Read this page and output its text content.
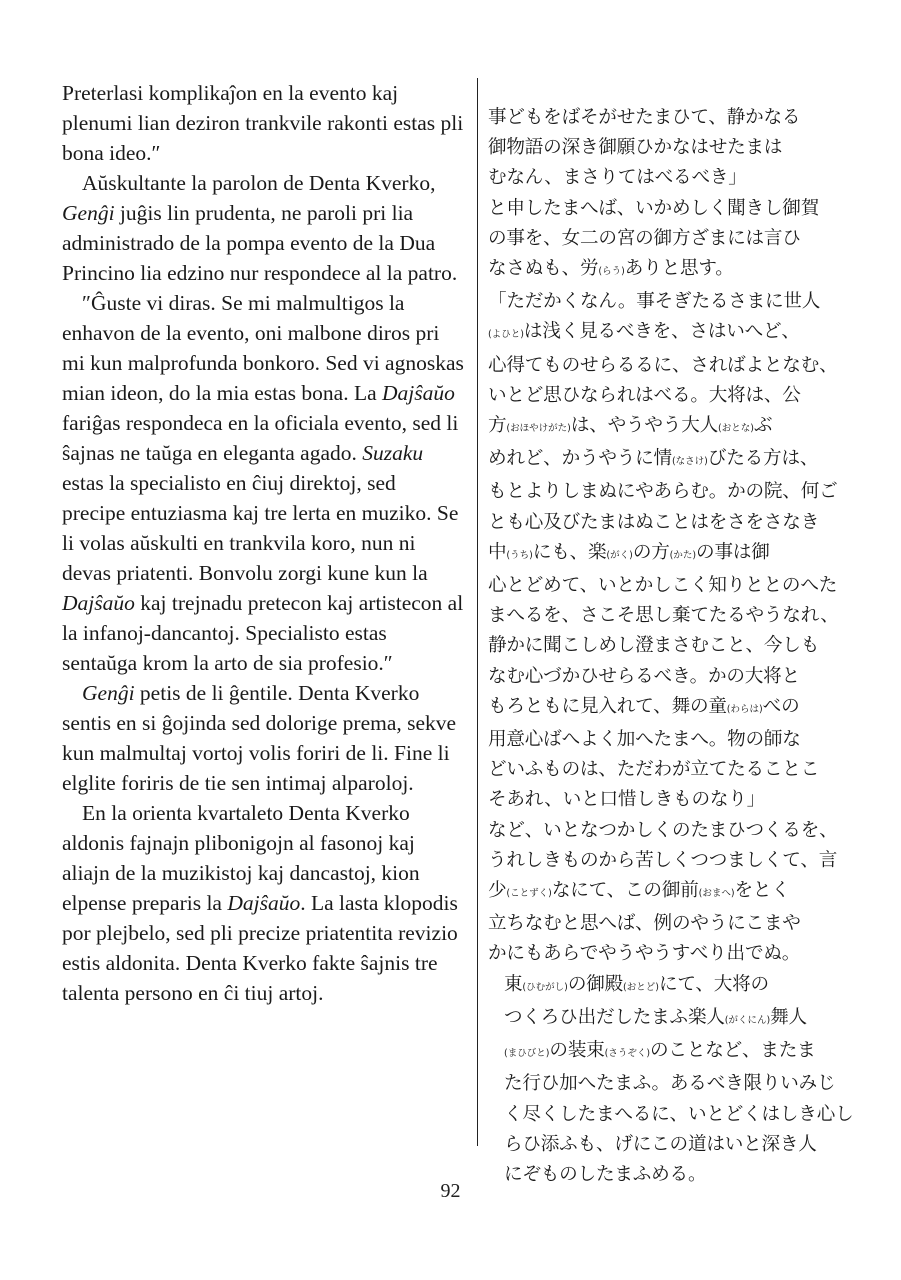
Preterlasi komplikaĵon en la evento kaj plenumi lian deziron trankvile rakonti estas pli bona ideo.″

Aŭskultante la parolon de Denta Kverko, Genĝi juĝis lin prudenta, ne paroli pri lia administrado de la pompa evento de la Dua Princino lia edzino nur respondece al la patro.

″Ĝuste vi diras. Se mi malmultigos la enhavon de la evento, oni malbone diros pri mi kun malprofunda bonkoro. Sed vi agnoskas mian ideon, do la mia estas bona. La Dajŝaŭo fariĝas respondeca en la oficiala evento, sed li ŝajnas ne taŭga en eleganta agado. Suzaku estas la specialisto en ĉiuj direktoj, sed precipe entuziasma kaj tre lerta en muziko. Se li volas aŭskulti en trankvila koro, nun ni devas priatenti. Bonvolu zorgi kune kun la Dajŝaŭo kaj trejnadu pretecon kaj artistecon al la infanoj-dancantoj. Specialisto estas sentaŭga krom la arto de sia profesio.″

Genĝi petis de li ĝentile. Denta Kverko sentis en si ĝojinda sed dolorige prema, sekve kun malmultaj vortoj volis foriri de li. Fine li elglite foriris de tie sen intimaj alparoloj.

En la orienta kvartaleto Denta Kverko aldonis fajnajn plibonigojn al fasonoj kaj aliajn de la muzikistoj kaj dancastoj, kion elpense preparis la Dajŝaŭo. La lasta klopodis por plejbelo, sed pli precize priatentita revizio estis aldonita. Denta Kverko fakte ŝajnis tre talenta persono en ĉi tiuj artoj.

事どもをばそがせたまひて、静かなる
御物語の深き御願ひかなはせたまは
むなん、まさりてはべるべき」

と申したまへば、いかめしく聞きし御賀
の事を、女二の宮の御方ざまには言ひ
なさぬも、労(らう)ありと思す。

「ただかくなん。事そぎたるさまに世人
(よひと)は浅く見るべきを、さはいへど、
心得てものせらるるに、さればよとなむ、
いとど思ひなられはべる。大将は、公
方(おほやけがた)は、やうやう大人(おとな)ぶ
めれど、かうやうに情(なさけ)びたる方は、
もとよりしまぬにやあらむ。かの院、何ご
とも心及びたまはぬことはをさをさなき
中(うち)にも、楽(がく)の方(かた)の事は御
心とどめて、いとかしこく知りととのへた
まへるを、さこそ思し棄てたるやうなれ、
静かに聞こしめし澄まさむこと、今しも
なむ心づかひせらるべき。かの大将と
もろともに見入れて、舞の童(わらは)べの
用意心ばへよく加へたまへ。物の師な
どいふものは、ただわが立てたることこ
そあれ、いと口惜しきものなり」

など、いとなつかしくのたまひつくるを、
うれしきものから苦しくつつましくて、言
少(ことずく)なにて、この御前(おまへ)をとく
立ちなむと思へば、例のやうにこまや
かにもあらでやうやうすべり出でぬ。

東(ひむがし)の御殿(おとど)にて、大将の
つくろひ出だしたまふ楽人(がくにん)舞人
(まひびと)の装束(さうぞく)のことなど、またま
た行ひ加へたまふ。あるべき限りいみじ
く尽くしたまへるに、いとどくはしき心し
らひ添ふも、げにこの道はいと深き人
にぞものしたまふめる。

92
